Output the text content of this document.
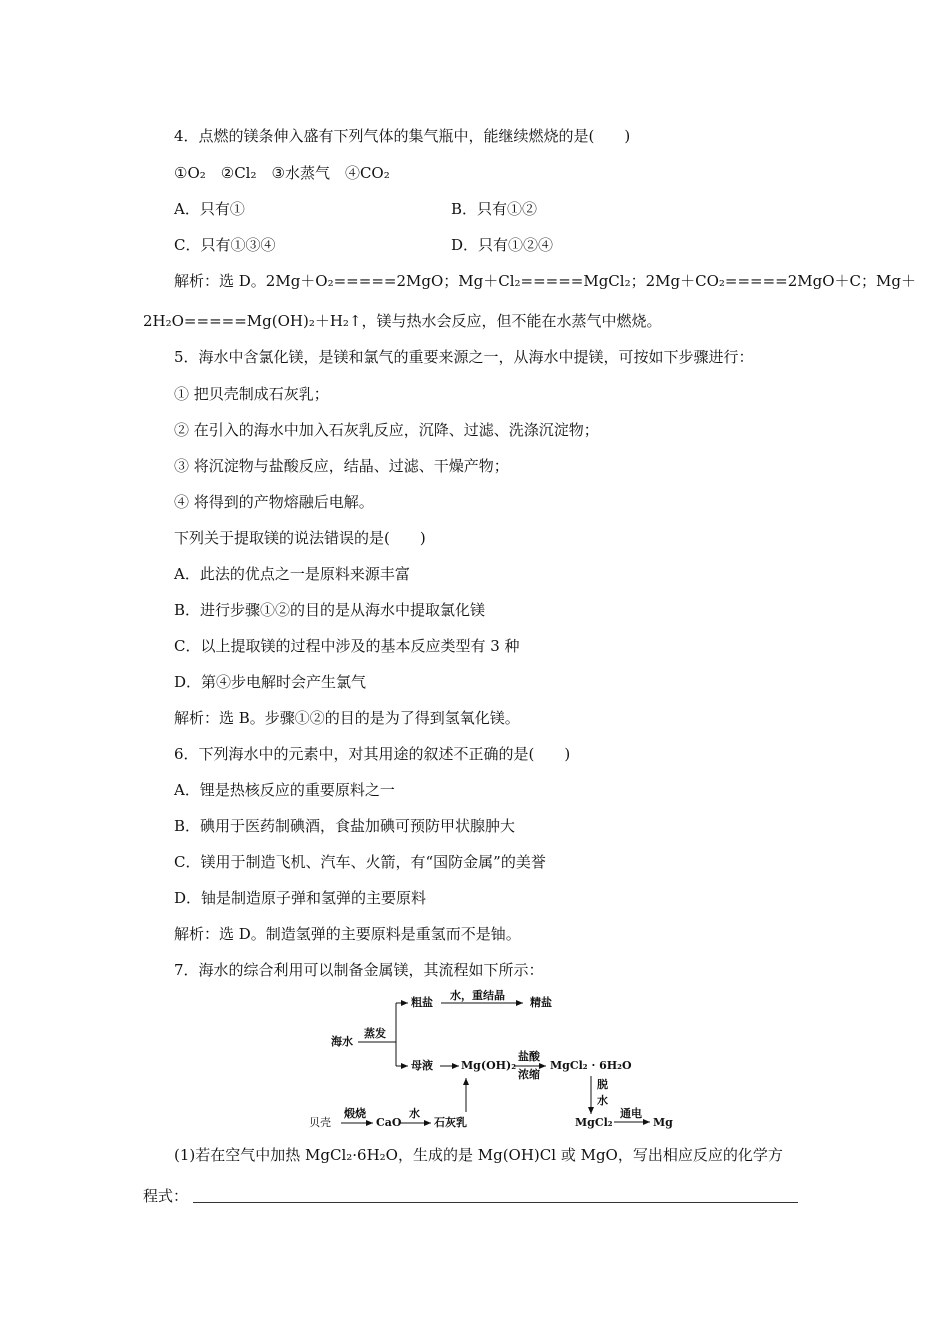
4．点燃的镁条伸入盛有下列气体的集气瓶中，能继续燃烧的是(　　)
①O₂　②Cl₂　③水蒸气　④CO₂
A．只有①	B．只有①②
C．只有①③④	D．只有①②④
解析：选 D。2Mg＋O₂=====2MgO；Mg＋Cl₂=====MgCl₂；2Mg＋CO₂=====2MgO＋C；Mg＋
2H₂O=====Mg(OH)₂＋H₂↑，镁与热水会反应，但不能在水蒸气中燃烧。
5．海水中含氯化镁，是镁和氯气的重要来源之一，从海水中提镁，可按如下步骤进行：
① 把贝壳制成石灰乳；
② 在引入的海水中加入石灰乳反应，沉降、过滤、洗涤沉淀物；
③ 将沉淀物与盐酸反应，结晶、过滤、干燥产物；
④ 将得到的产物熔融后电解。
下列关于提取镁的说法错误的是(　　)
A．此法的优点之一是原料来源丰富
B．进行步骤①②的目的是从海水中提取氯化镁
C．以上提取镁的过程中涉及的基本反应类型有 3 种
D．第④步电解时会产生氯气
解析：选 B。步骤①②的目的是为了得到氢氧化镁。
6．下列海水中的元素中，对其用途的叙述不正确的是(　　)
A．锂是热核反应的重要原料之一
B．碘用于医药制碘酒，食盐加碘可预防甲状腺肿大
C．镁用于制造飞机、汽车、火箭，有“国防金属”的美誉
D．铀是制造原子弹和氢弹的主要原料
解析：选 D。制造氢弹的主要原料是重氢而不是铀。
7．海水的综合利用可以制备金属镁，其流程如下所示：
海水
蒸发
粗盐
水，重结晶
精盐
母液	Mg(OH)₂
盐酸
浓缩
MgCl₂ · 6H₂O
脱
水
MgCl₂
通电
Mg
贝壳
煅烧
CaO
水
石灰乳
(1)若在空气中加热 MgCl₂·6H₂O，生成的是 Mg(OH)Cl 或 MgO，写出相应反应的化学方
程式：
